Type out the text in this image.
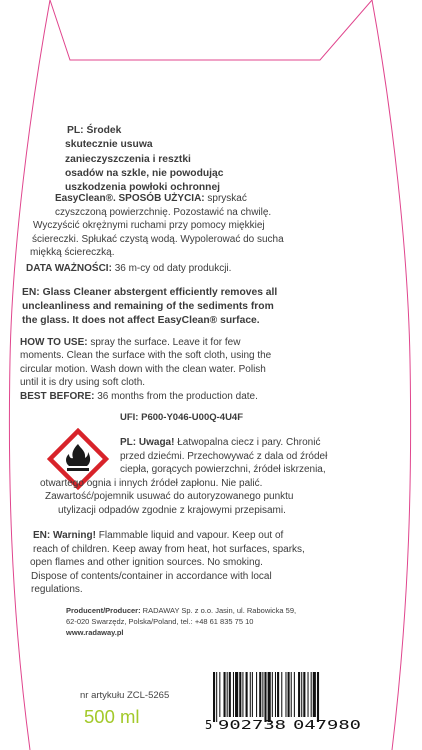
PL: Środek
skutecznie usuwa
zanieczyszczenia i resztki
osadów na szkle, nie powodując
uszkodzenia powłoki ochronnej
EasyClean®. SPOSÓB UŻYCIA: spryskać
czyszczoną powierzchnię. Pozostawić na chwilę.
Wyczyścić okrężnymi ruchami przy pomocy miękkiej
ściereczki. Spłukać czystą wodą. Wypolerować do sucha
miękką ściereczką.
DATA WAŻNOŚCI: 36 m-cy od daty produkcji.
EN: Glass Cleaner abstergent efficiently removes all
uncleanliness and remaining of the sediments from
the glass. It does not affect EasyClean® surface.
HOW TO USE: spray the surface. Leave it for few
moments. Clean the surface with the soft cloth, using the
circular motion. Wash down with the clean water. Polish
until it is dry using soft cloth.
BEST BEFORE: 36 months from the production date.
UFI: P600-Y046-U00Q-4U4F
PL: Uwaga! Łatwopalna ciecz i pary. Chronić
przed dziećmi. Przechowywać z dala od źródeł
ciepła, gorących powierzchni, źródeł iskrzenia,
otwartego ognia i innych źródeł zapłonu. Nie palić.
Zawartość/pojemnik usuwać do autoryzowanego punktu
utylizacji odpadów zgodnie z krajowymi przepisami.
EN: Warning! Flammable liquid and vapour. Keep out of
reach of children. Keep away from heat, hot surfaces, sparks,
open flames and other ignition sources. No smoking.
Dispose of contents/container in accordance with local
regulations.
Producent/Producer: RADAWAY Sp. z o.o. Jasin, ul. Rabowicka 59,
62-020 Swarzędz, Polska/Poland, tel.: +48 61 835 75 10
www.radaway.pl
nr artykułu ZCL-5265
500 ml	5 902738 047980
